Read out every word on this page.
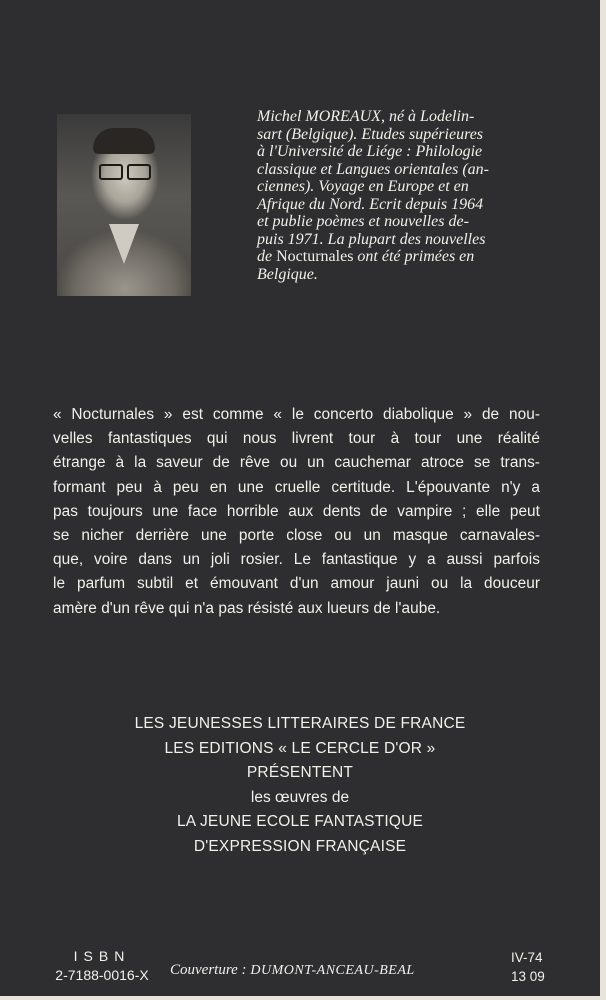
Michel MOREAUX, né à Lodelin-
sart (Belgique). Etudes supérieures
à l'Université de Liége : Philologie
classique et Langues orientales (an-
ciennes). Voyage en Europe et en
Afrique du Nord. Ecrit depuis 1964
et publie poèmes et nouvelles de-
puis 1971. La plupart des nouvelles
de Nocturnales ont été primées en
Belgique.
« Nocturnales » est comme « le concerto diabolique » de nou-
velles fantastiques qui nous livrent tour à tour une réalité
étrange à la saveur de rêve ou un cauchemar atroce se trans-
formant peu à peu en une cruelle certitude. L'épouvante n'y a
pas toujours une face horrible aux dents de vampire ; elle peut
se nicher derrière une porte close ou un masque carnavales-
que, voire dans un joli rosier. Le fantastique y a aussi parfois
le parfum subtil et émouvant d'un amour jauni ou la douceur
amère d'un rêve qui n'a pas résisté aux lueurs de l'aube.
LES JEUNESSES LITTERAIRES DE FRANCE
LES EDITIONS « LE CERCLE D'OR »
PRÉSENTENT
les œuvres de
LA JEUNE ECOLE FANTASTIQUE
D'EXPRESSION FRANÇAISE
ISBN
2-7188-0016-X	Couverture : DUMONT-ANCEAU-BEAL
IV-74
13 09
